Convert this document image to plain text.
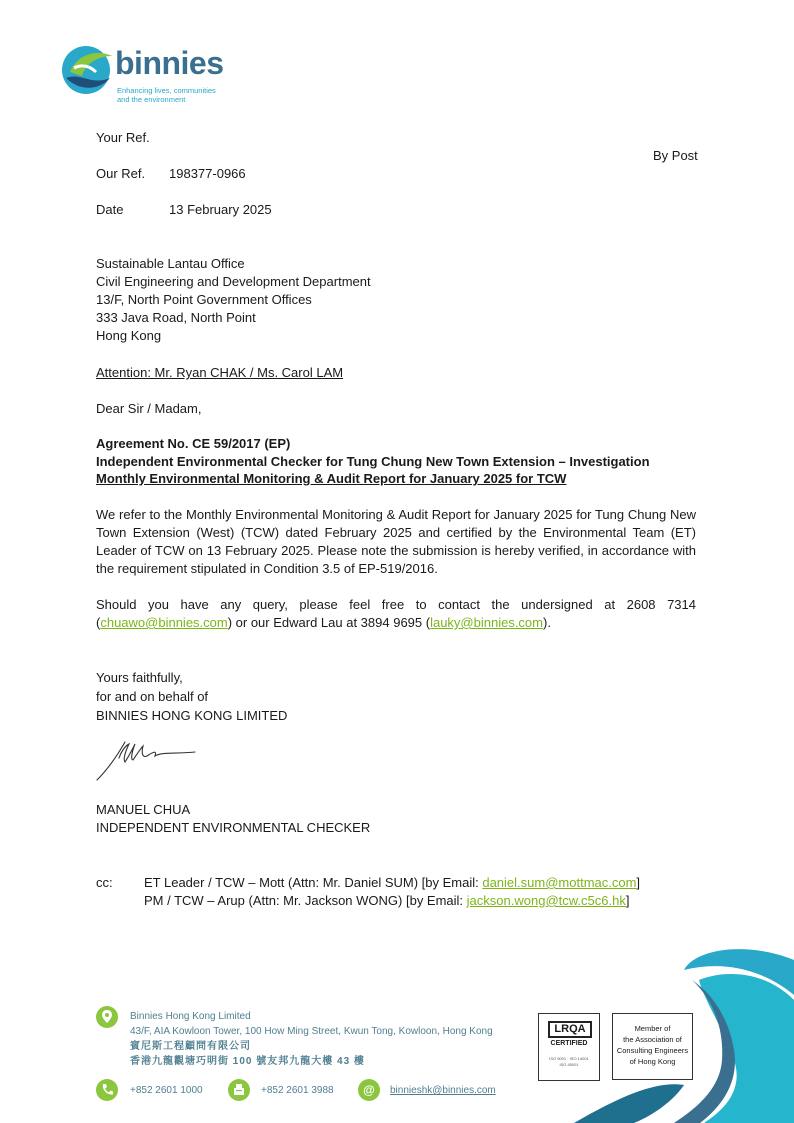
binnies
Enhancing lives, communities
and the environment
Your Ref.
By Post
Our Ref. 198377-0966
Date	13 February 2025
Sustainable Lantau Office
Civil Engineering and Development Department
13/F, North Point Government Offices
333 Java Road, North Point
Hong Kong
Attention: Mr. Ryan CHAK / Ms. Carol LAM
Dear Sir / Madam,
Agreement No. CE 59/2017 (EP)
Independent Environmental Checker for Tung Chung New Town Extension – Investigation
Monthly Environmental Monitoring & Audit Report for January 2025 for TCW
We refer to the Monthly Environmental Monitoring & Audit Report for January 2025 for Tung Chung New Town Extension (West) (TCW) dated February 2025 and certified by the Environmental Team (ET) Leader of TCW on 13 February 2025. Please note the submission is hereby verified, in accordance with the requirement stipulated in Condition 3.5 of EP-519/2016.
Should you have any query, please feel free to contact the undersigned at 2608 7314 (chuawo@binnies.com) or our Edward Lau at 3894 9695 (lauky@binnies.com).
Yours faithfully,
for and on behalf of
BINNIES HONG KONG LIMITED
MANUEL CHUA
INDEPENDENT ENVIRONMENTAL CHECKER
cc: ET Leader / TCW – Mott (Attn: Mr. Daniel SUM) [by Email: daniel.sum@mottmac.com]
PM / TCW – Arup (Attn: Mr. Jackson WONG) [by Email: jackson.wong@tcw.c5c6.hk]
Binnies Hong Kong Limited
43/F, AIA Kowloon Tower, 100 How Ming Street, Kwun Tong, Kowloon, Hong Kong
賓尼斯工程顧問有限公司
香港九龍觀塘巧明街 100 號友邦九龍大樓 43 樓
+852 2601 1000	+852 2601 3988	@	binnieshk@binnies.com
LRQA
CERTIFIED
ISO 9001 · ISO 14001
ISO 45001
Member of
the Association of
Consulting Engineers
of Hong Kong
